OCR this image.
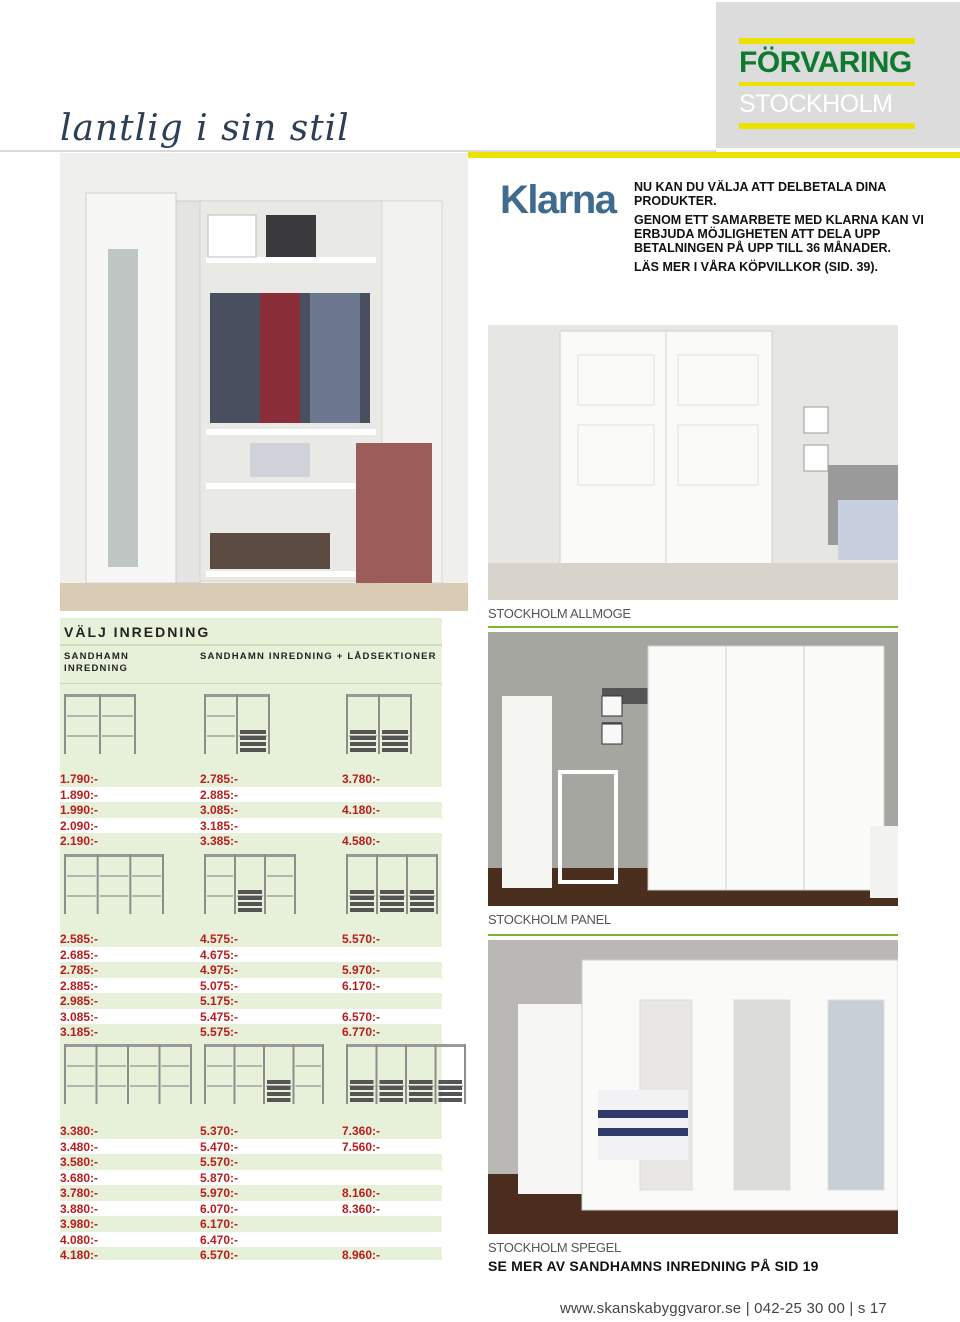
lantlig i sin stil
FÖRVARING
STOCKHOLM
Klarna NU KAN DU VÄLJA ATT DELBETALA DINA PRODUKTER.

GENOM ETT SAMARBETE MED KLARNA KAN VI ERBJUDA MÖJLIGHETEN ATT DELA UPP BETALNINGEN PÅ UPP TILL 36 MÅNADER.

LÄS MER I VÅRA KÖPVILLKOR (SID. 39).

STOCKHOLM ALLMOGE
STOCKHOLM PANEL
STOCKHOLM SPEGEL
VÄLJ INREDNING
SANDHAMN INREDNING
SANDHAMN INREDNING + LÅDSEKTIONER
1.790:-	2.785:-	3.780:-
1.890:-	2.885:-
1.990:-	3.085:-	4.180:-
2.090:-	3.185:-
2.190:-	3.385:-	4.580:-
2.585:-	4.575:-	5.570:-
2.685:-	4.675:-
2.785:-	4.975:-	5.970:-
2.885:-	5.075:-	6.170:-
2.985:-	5.175:-
3.085:-	5.475:-	6.570:-
3.185:-	5.575:-	6.770:-
3.380:-	5.370:-	7.360:-
3.480:-	5.470:-	7.560:-
3.580:-	5.570:-
3.680:-	5.870:-
3.780:-	5.970:-	8.160:-
3.880:-	6.070:-	8.360:-
3.980:-	6.170:-
4.080:-	6.470:-
4.180:-	6.570:-	8.960:-
SE MER AV SANDHAMNS INREDNING PÅ SID 19
www.skanskabyggvaror.se | 042-25 30 00 | s 17
